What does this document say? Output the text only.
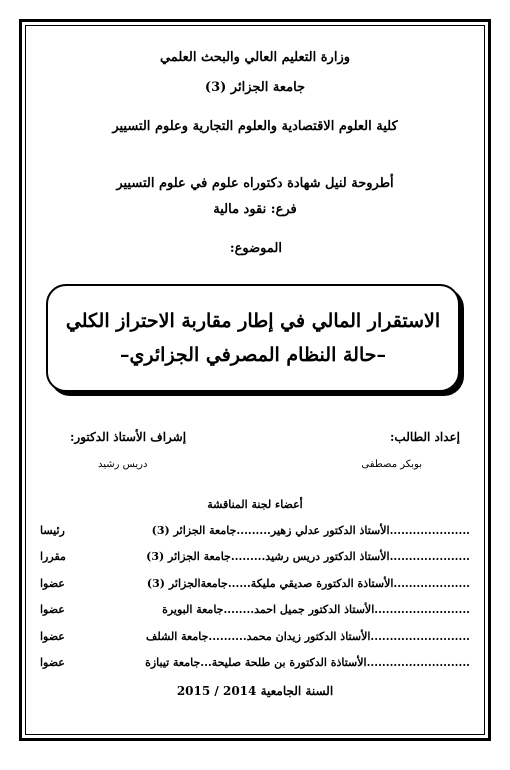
وزارة التعليم العالي والبحث العلمي
جامعة الجزائر (3)
كلية العلوم الاقتصادية والعلوم التجارية وعلوم التسيير
أطروحة لنيل شهادة دكتوراه علوم في علوم التسيير
فرع: نقود مالية
الموضوع:
الاستقرار المالي في إطار مقاربة الاحتراز الكلي
–حالة النظام المصرفي الجزائري–
إعداد الطالب:
بوبكر مصطفى
إشراف الأستاذ الدكتور:
دريس رشيد
أعضاء لجنة المناقشة
الأستاذ الدكتور عدلي زهير.........جامعة الجزائر (3).....................
رئيسا
الأستاذ الدكتور دريس رشيد.........جامعة الجزائر (3).....................
مقررا
الأستاذة الدكتورة صديقي مليكة......جامعةالجزائر (3)....................
عضوا
الأستاذ الدكتور جميل احمد........جامعة البويرة.........................
عضوا
الأستاذ الدكتور زيدان محمد..........جامعة الشلف..........................
عضوا
الأستاذة الدكتورة بن طلحة صليحة...جامعة تيبازة...........................
عضوا
السنة الجامعية 2014 / 2015
